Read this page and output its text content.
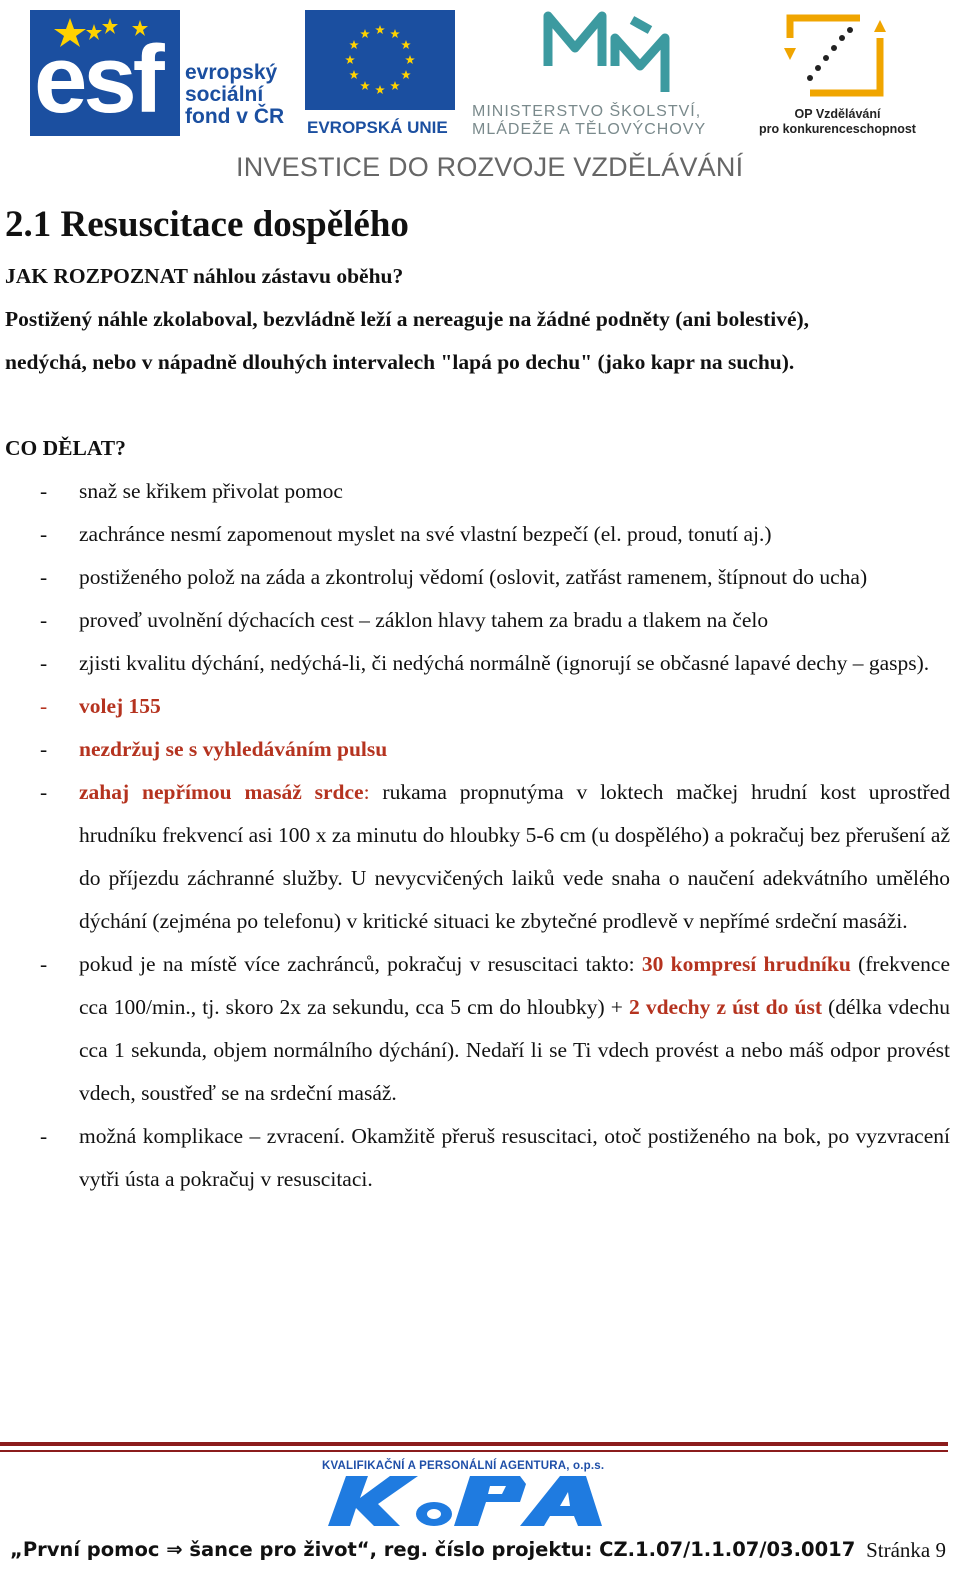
esf evropský
sociální
fond v ČR EVROPSKÁ UNIE
MINISTERSTVO ŠKOLSTVÍ,
MLÁDEŽE A TĚLOVÝCHOVY
OP Vzdělávání
pro konkurenceschopnost
INVESTICE DO ROZVOJE VZDĚLÁVÁNÍ
2.1 Resuscitace dospělého

JAK ROZPOZNAT náhlou zástavu oběhu?

Postižený náhle zkolaboval, bezvládně leží a nereaguje na žádné podněty (ani bolestivé),

nedýchá, nebo v nápadně dlouhých intervalech "lapá po dechu" (jako kapr na suchu).

CO DĚLAT?

- snaž se křikem přivolat pomoc
- zachránce nesmí zapomenout myslet na své vlastní bezpečí (el. proud, tonutí aj.)
- postiženého polož na záda a zkontroluj vědomí (oslovit, zatřást ramenem, štípnout do ucha)
- proveď uvolnění dýchacích cest – záklon hlavy tahem za bradu a tlakem na čelo
- zjisti kvalitu dýchání, nedýchá-li, či nedýchá normálně (ignorují se občasné lapavé dechy – gasps).
- volej 155
- nezdržuj se s vyhledáváním pulsu
- zahaj nepřímou masáž srdce: rukama propnutýma v loktech mačkej hrudní kost uprostřed hrudníku frekvencí asi 100 x za minutu do hloubky 5-6 cm (u dospělého) a pokračuj bez přerušení až do příjezdu záchranné služby. U nevycvičených laiků vede snaha o naučení adekvátního umělého dýchání (zejména po telefonu) v kritické situaci ke zbytečné prodlevě v nepřímé srdeční masáži.
- pokud je na místě více zachránců, pokračuj v resuscitaci takto: 30 kompresí hrudníku (frekvence cca 100/min., tj. skoro 2x za sekundu, cca 5 cm do hloubky) + 2 vdechy z úst do úst (délka vdechu cca 1 sekunda, objem normálního dýchání). Nedaří li se Ti vdech provést a nebo máš odpor provést vdech, soustřeď se na srdeční masáž.
- možná komplikace – zvracení. Okamžitě přeruš resuscitaci, otoč postiženého na bok, po vyzvracení vytři ústa a pokračuj v resuscitaci.
KVALIFIKAČNÍ A PERSONÁLNÍ AGENTURA, o.p.s.
„První pomoc ⇒ šance pro život“, reg. číslo projektu: CZ.1.07/1.1.07/03.0017 Stránka 9
